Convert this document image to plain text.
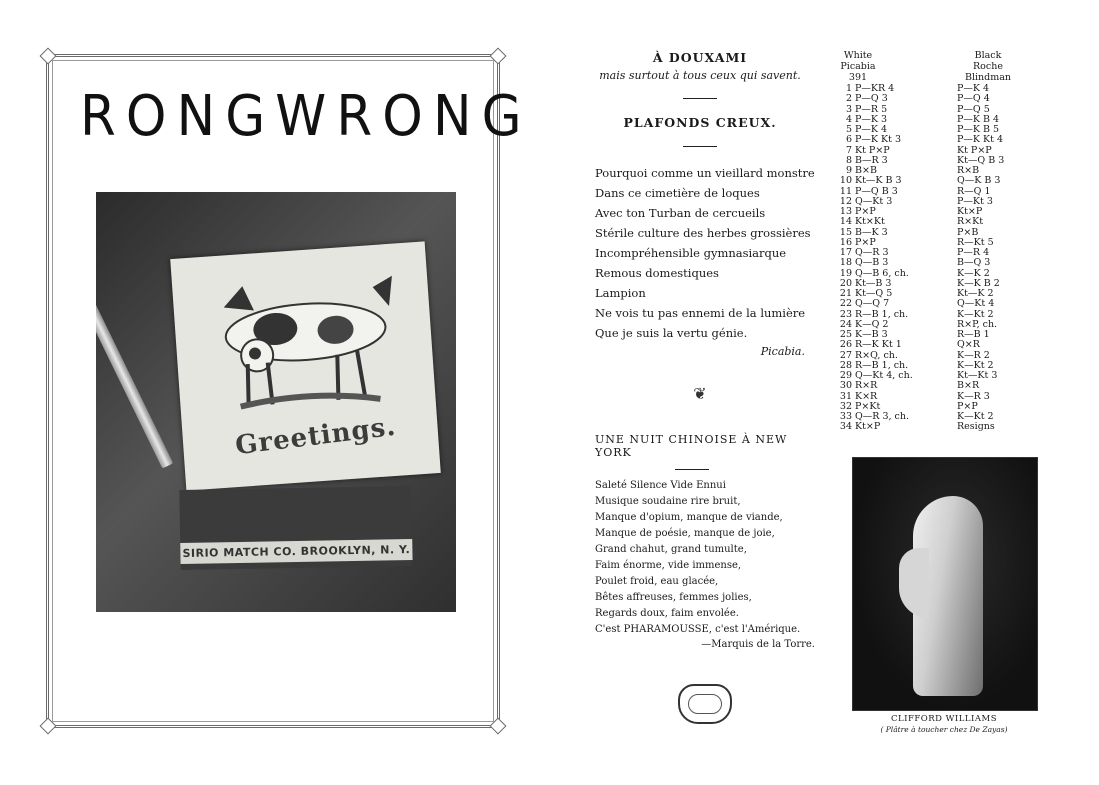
RONGWRONG
Greetings.
SIRIO MATCH CO. BROOKLYN, N. Y.
À DOUXAMI
mais surtout à tous ceux qui savent.
PLAFONDS CREUX.
Pourquoi comme un vieillard monstre
Dans ce cimetière de loques
Avec ton Turban de cercueils
Stérile culture des herbes grossières
Incompréhensible gymnasiarque
Remous domestiques
Lampion
Ne vois tu pas ennemi de la lumière
Que je suis la vertu génie.
Picabia.
❦
UNE NUIT CHINOISE À NEW YORK
Saleté Silence Vide Ennui
Musique soudaine rire bruit,
Manque d'opium, manque de viande,
Manque de poésie, manque de joie,
Grand chahut, grand tumulte,
Faim énorme, vide immense,
Poulet froid, eau glacée,
Bêtes affreuses, femmes jolies,
Regards doux, faim envolée.
C'est PHARAMOUSSE, c'est l'Amérique.
—Marquis de la Torre.
White
Picabia
391
Black
Roche
Blindman
1 P—KR 4	P—K 4
2 P—Q 3	P—Q 4
3 P—R 5	P—Q 5
4 P—K 3	P—K B 4
5 P—K 4	P—K B 5
6 P—K Kt 3	P—K Kt 4
7 Kt P×P	Kt P×P
8 B—R 3	Kt—Q B 3
9 B×B	R×B
10 Kt—K B 3	Q—K B 3
11 P—Q B 3	R—Q 1
12 Q—Kt 3	P—Kt 3
13 P×P	Kt×P
14 Kt×Kt	R×Kt
15 B—K 3	P×B
16 P×P	R—Kt 5
17 Q—R 3	P—R 4
18 Q—B 3	B—Q 3
19 Q—B 6, ch.	K—K 2
20 Kt—B 3	K—K B 2
21 Kt—Q 5	Kt—K 2
22 Q—Q 7	Q—Kt 4
23 R—B 1, ch.	K—Kt 2
24 K—Q 2	R×P, ch.
25 K—B 3	R—B 1
26 R—K Kt 1	Q×R
27 R×Q, ch.	K—R 2
28 R—B 1, ch.	K—Kt 2
29 Q—Kt 4, ch.	Kt—Kt 3
30 R×R	B×R
31 K×R	K—R 3
32 P×Kt	P×P
33 Q—R 3, ch.	K—Kt 2
34 Kt×P	Resigns
CLIFFORD WILLIAMS
( Plâtre à toucher chez De Zayas)
